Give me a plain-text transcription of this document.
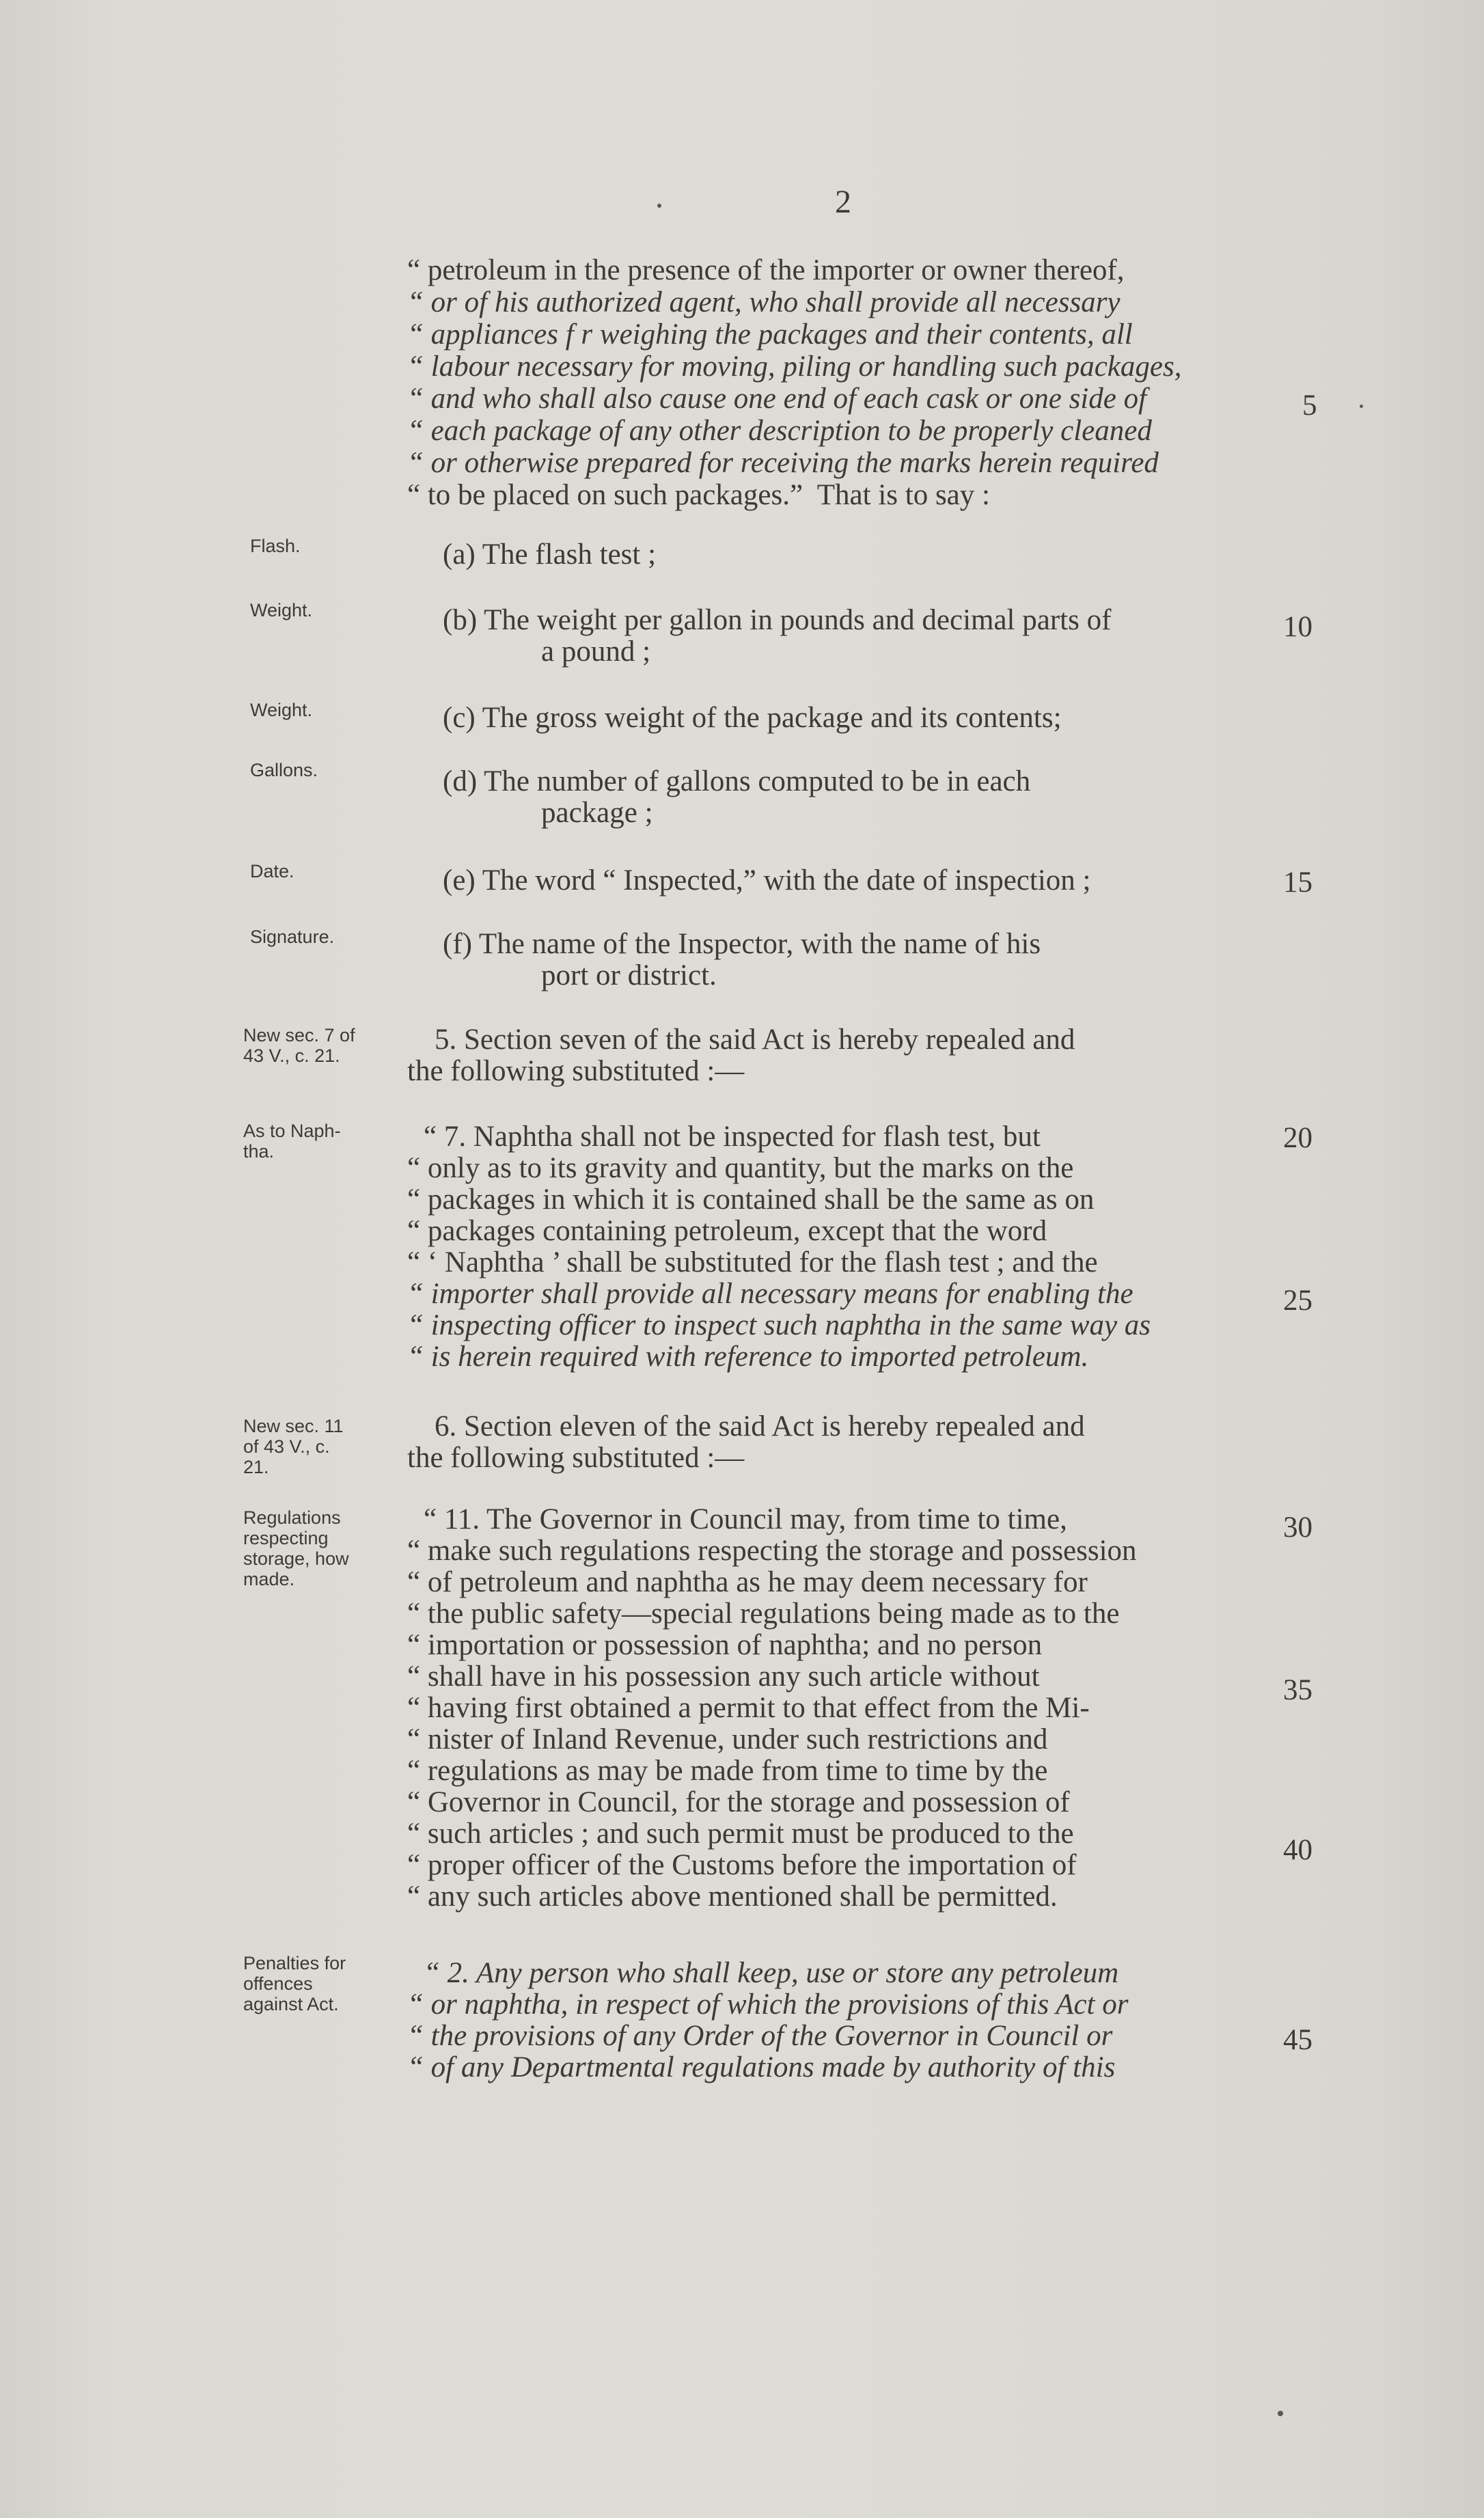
2
“ petroleum in the presence of the importer or owner thereof,
“ or of his authorized agent, who shall provide all necessary
“ appliances f r weighing the packages and their contents, all
“ labour necessary for moving, piling or handling such packages,
“ and who shall also cause one end of each cask or one side of
“ each package of any other description to be properly cleaned
“ or otherwise prepared for receiving the marks herein required
“ to be placed on such packages.”  That is to say :
Flash.	(a) The flash test ;
Weight.	(b) The weight per gallon in pounds and decimal parts of
a pound ;
Weight.	(c) The gross weight of the package and its contents;
Gallons.	(d) The number of gallons computed to be in each
package ;
Date.	(e) The word “ Inspected,” with the date of inspection ;
Signature.	(f) The name of the Inspector, with the name of his
port or district.
New sec. 7 of
43 V., c. 21.	5. Section seven of the said Act is hereby repealed and
the following substituted :—
As to Naph-
tha.	“ 7. Naphtha shall not be inspected for flash test, but
“ only as to its gravity and quantity, but the marks on the
“ packages in which it is contained shall be the same as on
“ packages containing petroleum, except that the word
“ ‘ Naphtha ’ shall be substituted for the flash test ; and the
“ importer shall provide all necessary means for enabling the
“ inspecting officer to inspect such naphtha in the same way as
“ is herein required with reference to imported petroleum.
New sec. 11
of 43 V., c.
21.
6. Section eleven of the said Act is hereby repealed and
the following substituted :—
Regulations
respecting
storage, how
made.
“ 11. The Governor in Council may, from time to time,
“ make such regulations respecting the storage and possession
“ of petroleum and naphtha as he may deem necessary for
“ the public safety—special regulations being made as to the
“ importation or possession of naphtha; and no person
“ shall have in his possession any such article without
“ having first obtained a permit to that effect from the Mi-
“ nister of Inland Revenue, under such restrictions and
“ regulations as may be made from time to time by the
“ Governor in Council, for the storage and possession of
“ such articles ; and such permit must be produced to the
“ proper officer of the Customs before the importation of
“ any such articles above mentioned shall be permitted.
Penalties for
offences
against Act.
“ 2. Any person who shall keep, use or store any petroleum
“ or naphtha, in respect of which the provisions of this Act or
“ the provisions of any Order of the Governor in Council or
“ of any Departmental regulations made by authority of this
5
10
15
20
25
30
35
40
45
